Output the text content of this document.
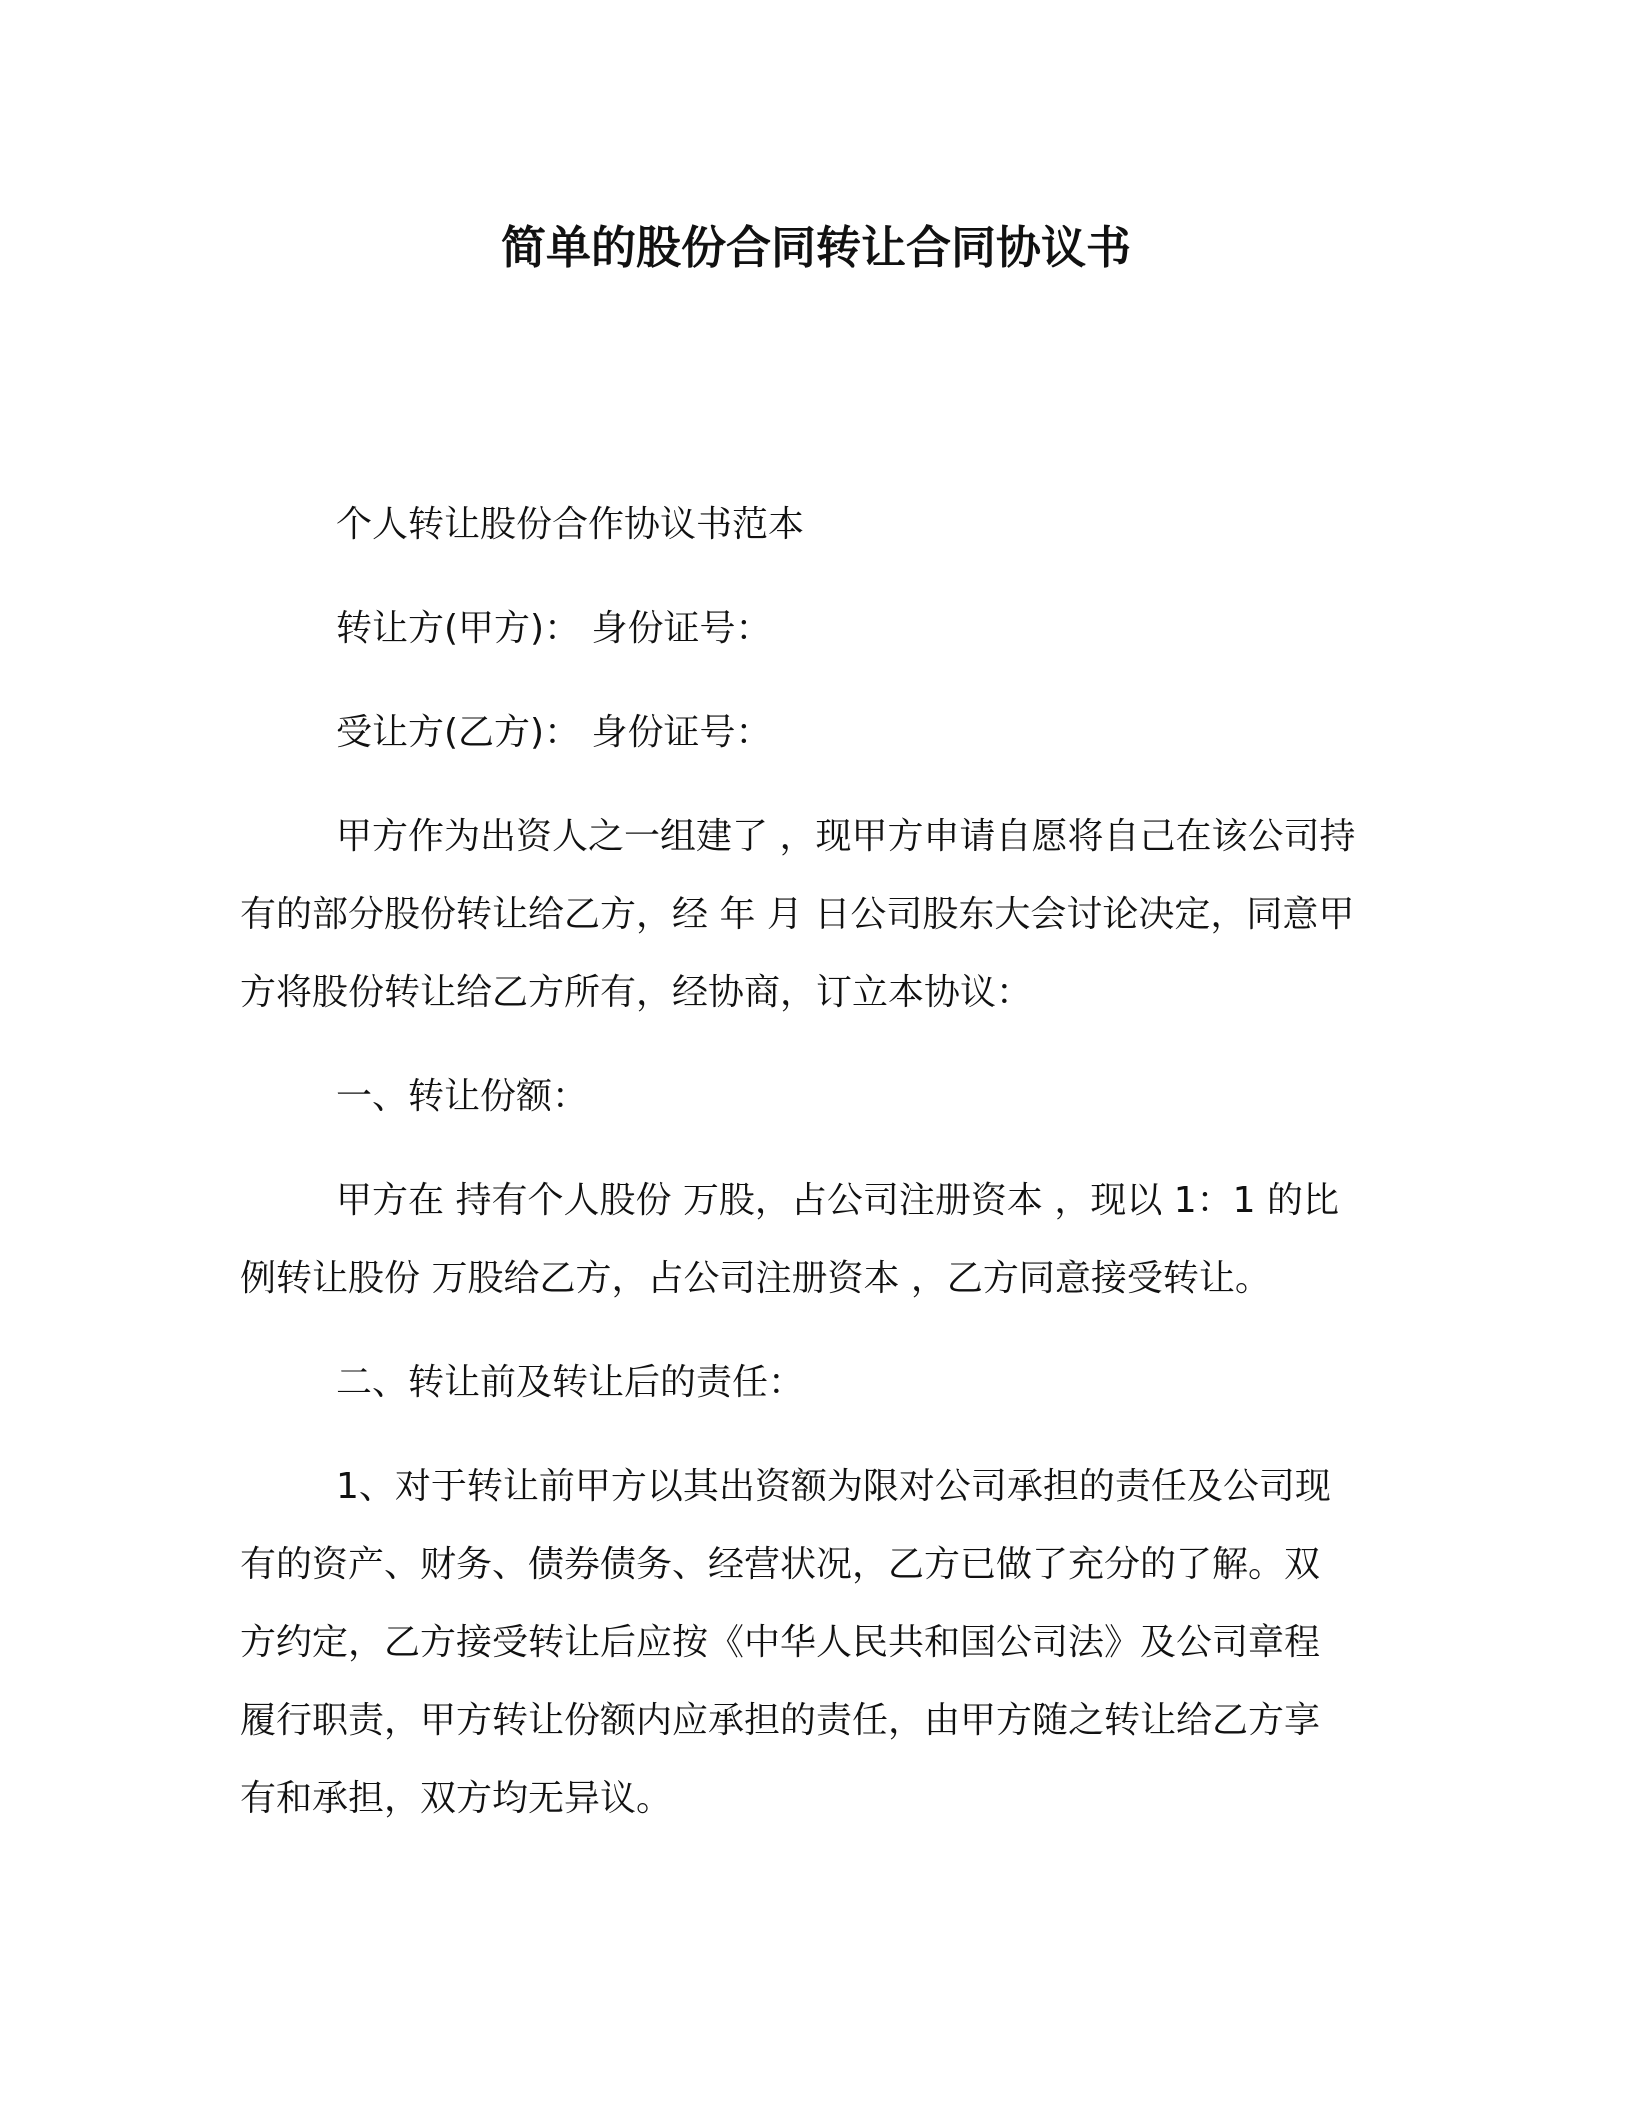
简单的股份合同转让合同协议书
个人转让股份合作协议书范本
转让方(甲方)： 身份证号：
受让方(乙方)： 身份证号：
甲方作为出资人之一组建了 ，现甲方申请自愿将自己在该公司持
有的部分股份转让给乙方，经 年 月 日公司股东大会讨论决定，同意甲
方将股份转让给乙方所有，经协商，订立本协议：
一、转让份额：
甲方在 持有个人股份 万股，占公司注册资本 ，现以 1：1 的比
例转让股份 万股给乙方，占公司注册资本 ，乙方同意接受转让。
二、转让前及转让后的责任：
1、对于转让前甲方以其出资额为限对公司承担的责任及公司现
有的资产、财务、债券债务、经营状况，乙方已做了充分的了解。双
方约定，乙方接受转让后应按《中华人民共和国公司法》及公司章程
履行职责，甲方转让份额内应承担的责任，由甲方随之转让给乙方享
有和承担，双方均无异议。
